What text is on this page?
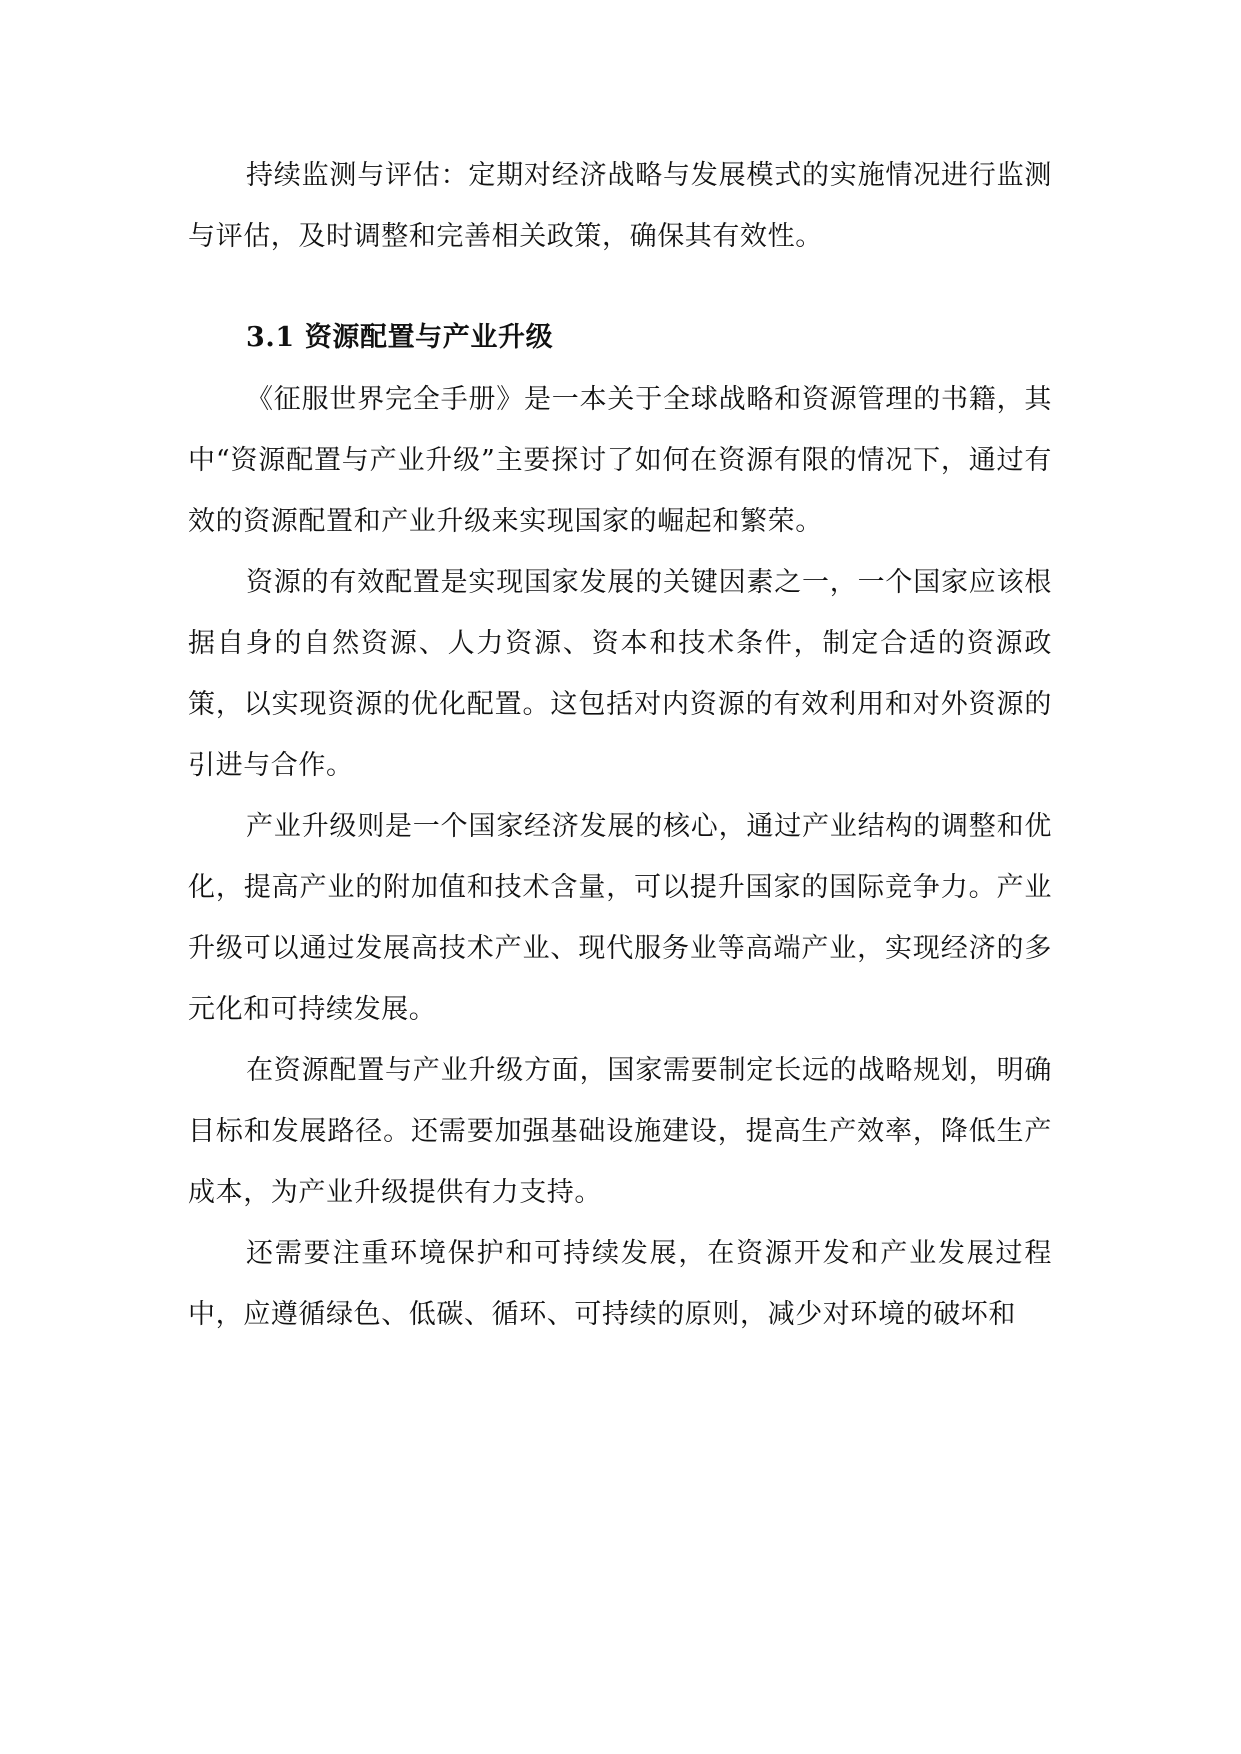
持续监测与评估：定期对经济战略与发展模式的实施情况进行监测与评估，及时调整和完善相关政策，确保其有效性。

3.1 资源配置与产业升级

《征服世界完全手册》是一本关于全球战略和资源管理的书籍，其中“资源配置与产业升级”主要探讨了如何在资源有限的情况下，通过有效的资源配置和产业升级来实现国家的崛起和繁荣。

资源的有效配置是实现国家发展的关键因素之一，一个国家应该根据自身的自然资源、人力资源、资本和技术条件，制定合适的资源政策，以实现资源的优化配置。这包括对内资源的有效利用和对外资源的引进与合作。

产业升级则是一个国家经济发展的核心，通过产业结构的调整和优化，提高产业的附加值和技术含量，可以提升国家的国际竞争力。产业升级可以通过发展高技术产业、现代服务业等高端产业，实现经济的多元化和可持续发展。

在资源配置与产业升级方面，国家需要制定长远的战略规划，明确目标和发展路径。还需要加强基础设施建设，提高生产效率，降低生产成本，为产业升级提供有力支持。

还需要注重环境保护和可持续发展，在资源开发和产业发展过程中，应遵循绿色、低碳、循环、可持续的原则，减少对环境的破坏和
